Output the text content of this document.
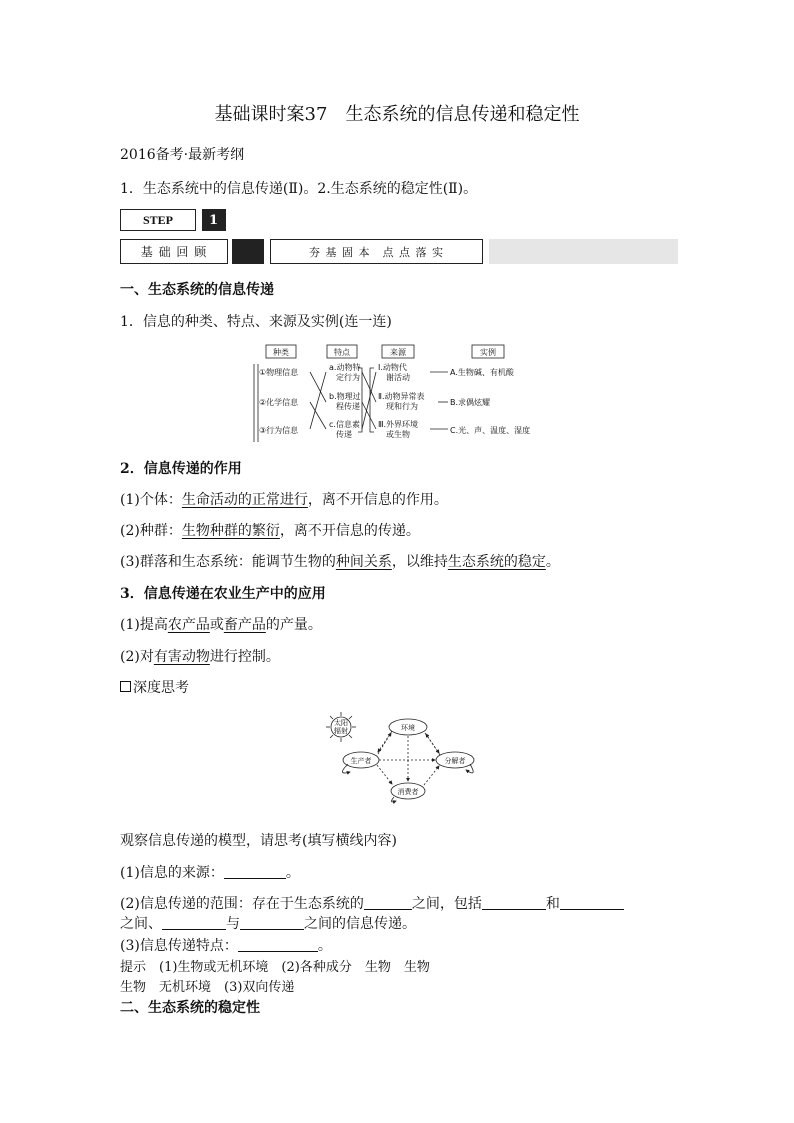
基础课时案37　生态系统的信息传递和稳定性
2016备考·最新考纲
1．生态系统中的信息传递(Ⅱ)。2.生态系统的稳定性(Ⅱ)。
STEP	1
基 础 回 顾	夯 基 固 本　点 点 落 实
一、生态系统的信息传递
1．信息的种类、特点、来源及实例(连一连)
种类	特点	来源	实例
①物理信息
②化学信息
③行为信息
a.动物特
定行为
b.物理过
程传递
c.信息素
传递
Ⅰ.动物代
谢活动
Ⅱ.动物异常表
现和行为
Ⅲ.外界环境
或生物
A.生物碱、有机酸
B.求偶炫耀
C.光、声、温度、湿度
2．信息传递的作用
(1)个体：生命活动的正常进行，离不开信息的作用。
(2)种群：生物种群的繁衍，离不开信息的传递。
(3)群落和生态系统：能调节生物的种间关系，以维持生态系统的稳定。
3．信息传递在农业生产中的应用
(1)提高农产品或畜产品的产量。
(2)对有害动物进行控制。
深度思考
太阳
辐射	环境
生产者	分解者
消费者
观察信息传递的模型，请思考(填写横线内容)
(1)信息的来源：	。
(2)信息传递的范围：存在于生态系统的	之间，包括	和
之间、	与	之间的信息传递。
(3)信息传递特点：	。
提示　(1)生物或无机环境　(2)各种成分　生物　生物
生物　无机环境　(3)双向传递
二、生态系统的稳定性
